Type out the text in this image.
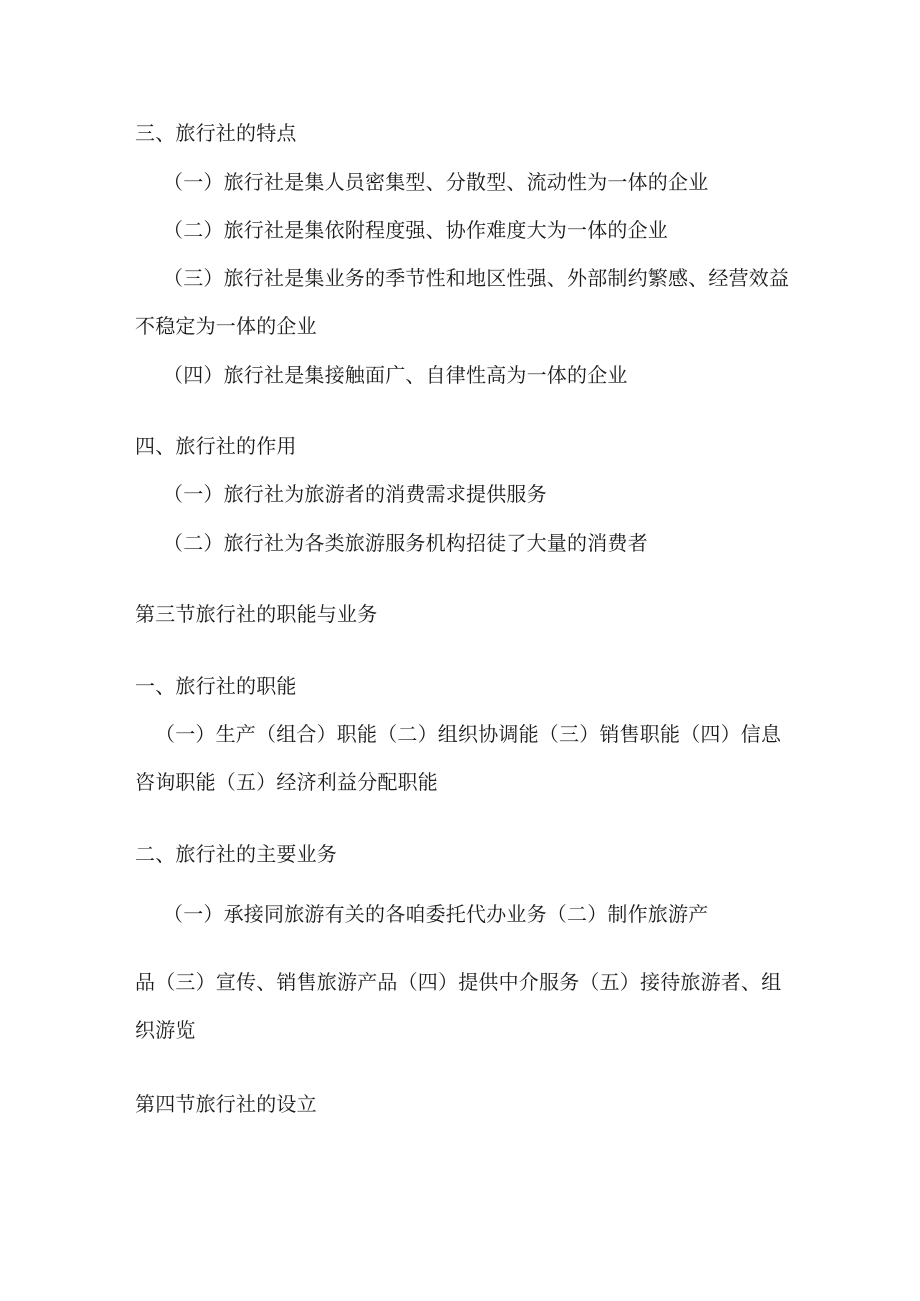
三、旅行社的特点
（一）旅行社是集人员密集型、分散型、流动性为一体的企业
（二）旅行社是集依附程度强、协作难度大为一体的企业
（三）旅行社是集业务的季节性和地区性强、外部制约繁感、经营效益
不稳定为一体的企业
（四）旅行社是集接触面广、自律性高为一体的企业
四、旅行社的作用
（一）旅行社为旅游者的消费需求提供服务
（二）旅行社为各类旅游服务机构招徒了大量的消费者
第三节旅行社的职能与业务
一、旅行社的职能
（一）生产（组合）职能（二）组织协调能（三）销售职能（四）信息
咨询职能（五）经济利益分配职能
二、旅行社的主要业务
（一）承接同旅游有关的各咱委托代办业务（二）制作旅游产
品（三）宣传、销售旅游产品（四）提供中介服务（五）接待旅游者、组
织游览
第四节旅行社的设立
